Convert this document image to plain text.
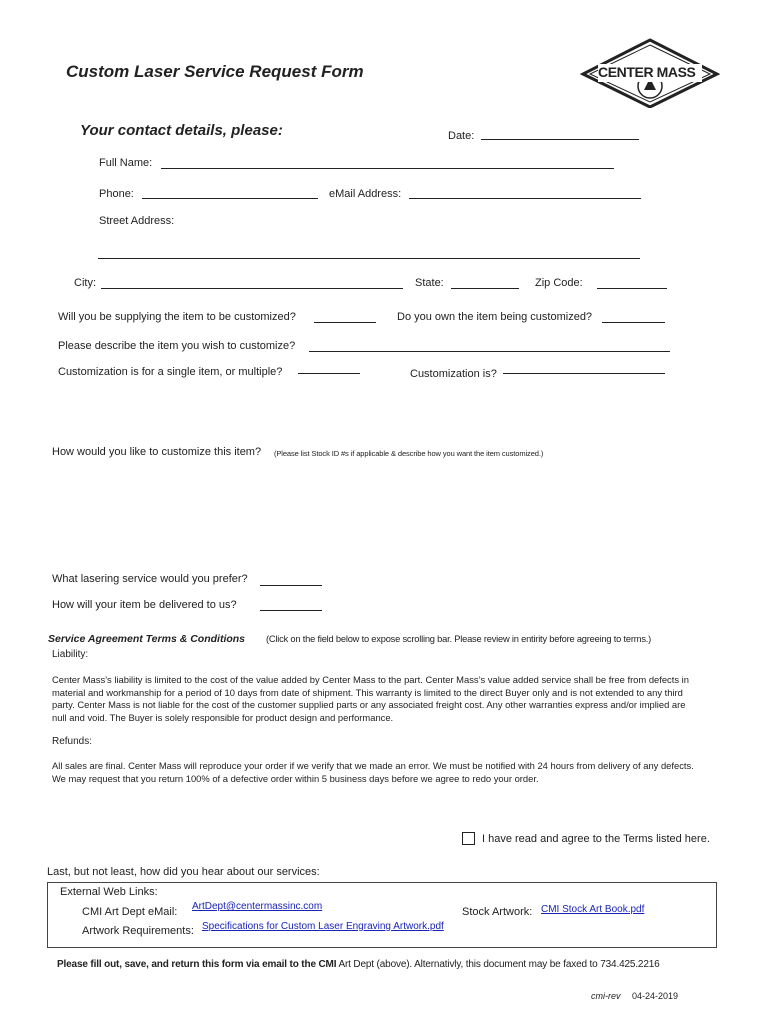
Custom Laser Service Request Form	CENTER MASS
Your contact details, please:	Date:
Full Name:
Phone:	eMail Address:
Street Address:
City:	State:	Zip Code:
Will you be supplying the item to be customized?	Do you own the item being customized?
Please describe the item you wish to customize?
Customization is for a single item, or multiple?	Customization is?
How would you like to customize this item? (Please list Stock ID #s if applicable & describe how you want the item customized.)
What lasering service would you prefer?
How will your item be delivered to us?
Service Agreement Terms & Conditions (Click on the field below to expose scrolling bar. Please review in entirity before agreeing to terms.)
Liability:
Center Mass’s liability is limited to the cost of the value added by Center Mass to the part. Center Mass’s value added service shall be free from defects in material and workmanship for a period of 10 days from date of shipment. This warranty is limited to the direct Buyer only and is not extended to any third party. Center Mass is not liable for the cost of the customer supplied parts or any associated freight cost. Any other warranties express and/or implied are null and void. The Buyer is solely responsible for product design and performance.
Refunds:
All sales are final. Center Mass will reproduce your order if we verify that we made an error. We must be notified with 24 hours from delivery of any defects. We may request that you return 100% of a defective order within 5 business days before we agree to redo your order.
I have read and agree to the Terms listed here.
Last, but not least, how did you hear about our services:
External Web Links:
CMI Art Dept eMail: ArtDept@centermassinc.com	Stock Artwork: CMI Stock Art Book.pdf
Artwork Requirements: Specifications for Custom Laser Engraving Artwork.pdf
Please fill out, save, and return this form via email to the CMI Art Dept (above). Alternativly, this document may be faxed to 734.425.2216
cmi-rev 04-24-2019
